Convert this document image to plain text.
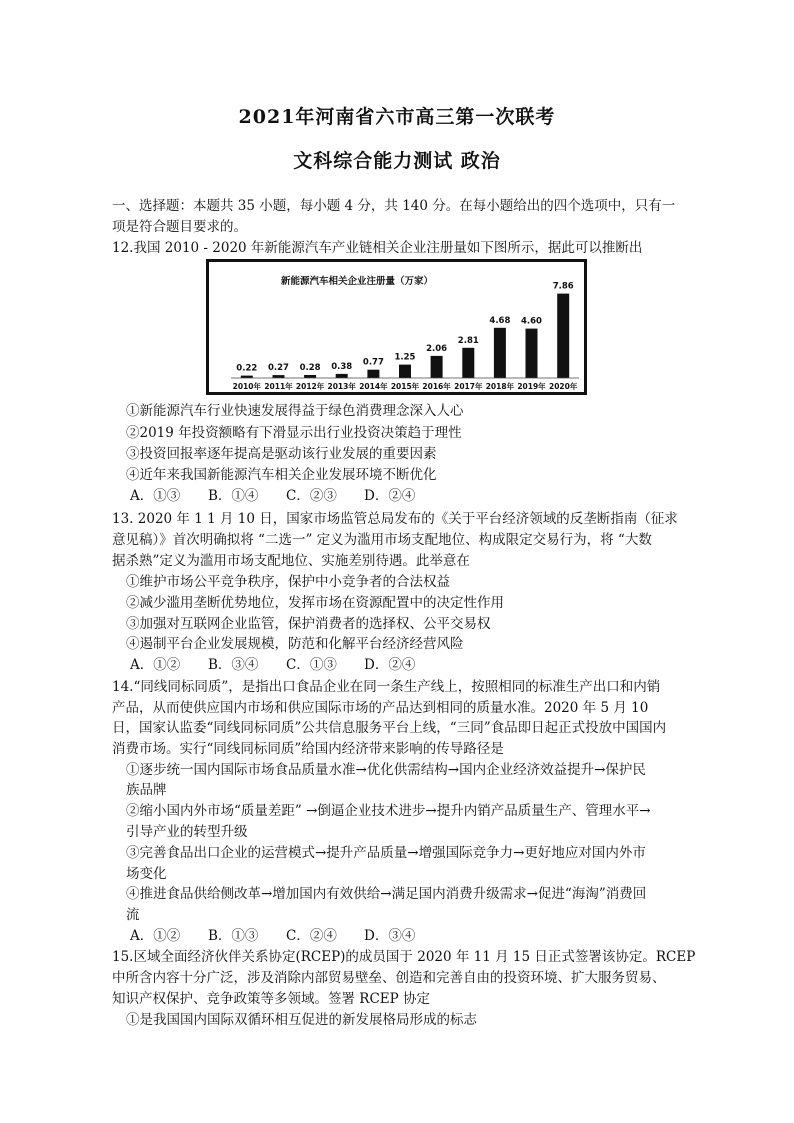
2021年河南省六市高三第一次联考
文科综合能力测试 政治
一、选择题：本题共 35 小题，每小题 4 分，共 140 分。在每小题给出的四个选项中，只有一
项是符合题目要求的。
12.我国 2010 - 2020 年新能源汽车产业链相关企业注册量如下图所示，据此可以推断出
新能源汽车相关企业注册量（万家）
0.22
2010年
0.27
2011年
0.28
2012年
0.38
2013年
0.77
2014年
1.25
2015年
2.06
2016年
2.81
2017年
4.68
2018年
4.60
2019年
7.86
2020年
①新能源汽车行业快速发展得益于绿色消费理念深入人心
②2019 年投资额略有下滑显示出行业投资决策趋于理性
③投资回报率逐年提高是驱动该行业发展的重要因素
④近年来我国新能源汽车相关企业发展环境不断优化
A．①③ B．①④ C．②③ D．②④
13. 2020 年 1 1 月 10 日，国家市场监管总局发布的《关于平台经济领域的反垄断指南（征求
意见稿）》首次明确拟将 “二选一” 定义为滥用市场支配地位、构成限定交易行为，将 “大数
据杀熟”定义为滥用市场支配地位、实施差别待遇。此举意在
①维护市场公平竞争秩序，保护中小竞争者的合法权益
②减少滥用垄断优势地位，发挥市场在资源配置中的决定性作用
③加强对互联网企业监管，保护消费者的选择权、公平交易权
④遏制平台企业发展规模，防范和化解平台经济经营风险
A．①② B．③④ C．①③ D．②④
14.“同线同标同质”，是指出口食品企业在同一条生产线上，按照相同的标准生产出口和内销
产品，从而使供应国内市场和供应国际市场的产品达到相同的质量水准。2020 年 5 月 10
日，国家认监委“同线同标同质”公共信息服务平台上线，“三同”食品即日起正式投放中国国内
消费市场。实行“同线同标同质”给国内经济带来影响的传导路径是
①逐步统一国内国际市场食品质量水准→优化供需结构→国内企业经济效益提升→保护民
族品牌
②缩小国内外市场“质量差距” →倒逼企业技术进步→提升内销产品质量生产、管理水平→
引导产业的转型升级
③完善食品出口企业的运营模式→提升产品质量→增强国际竞争力→更好地应对国内外市
场变化
④推进食品供给侧改革→增加国内有效供给→满足国内消费升级需求→促进“海淘”消费回
流
A．①② B．①③ C．②④ D．③④
15.区域全面经济伙伴关系协定(RCEP)的成员国于 2020 年 11 月 15 日正式签署该协定。RCEP
中所含内容十分广泛，涉及消除内部贸易壁垒、创造和完善自由的投资环境、扩大服务贸易、
知识产权保护、竞争政策等多领域。签署 RCEP 协定
①是我国国内国际双循环相互促进的新发展格局形成的标志
